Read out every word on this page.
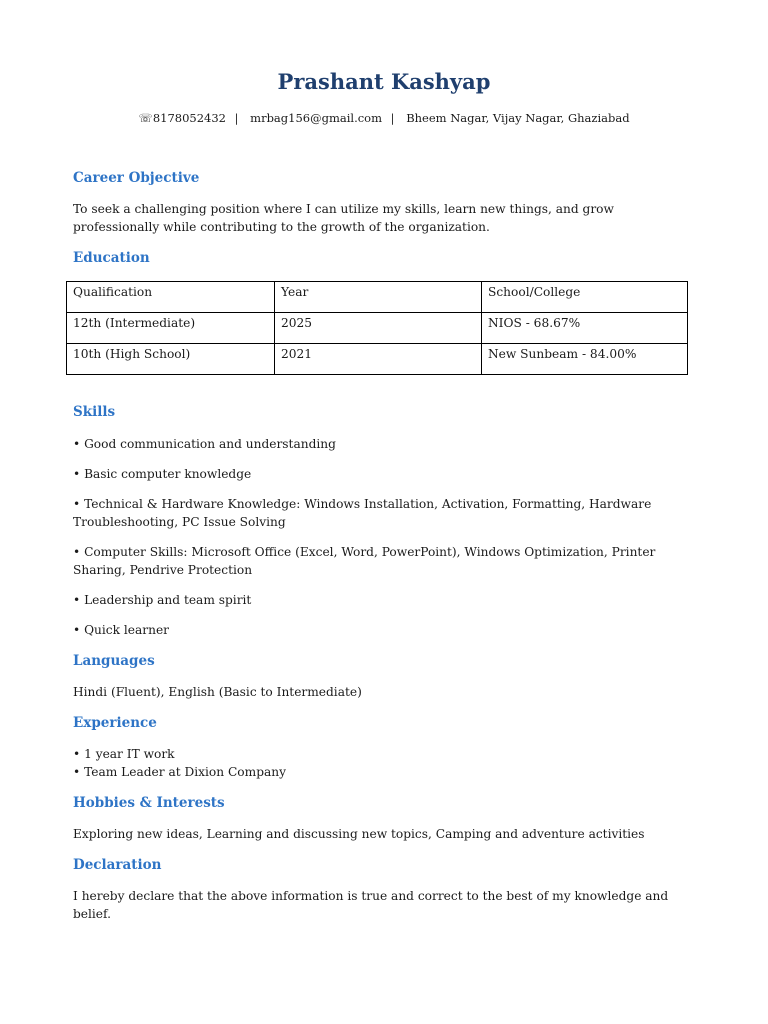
Prashant Kashyap
☏8178052432 | mrbag156@gmail.com | Bheem Nagar, Vijay Nagar, Ghaziabad
Career Objective
To seek a challenging position where I can utilize my skills, learn new things, and grow professionally while contributing to the growth of the organization.
Education
Qualification	Year	School/College
12th (Intermediate)	2025	NIOS - 68.67%
10th (High School)	2021	New Sunbeam - 84.00%
Skills
• Good communication and understanding
• Basic computer knowledge
• Technical & Hardware Knowledge: Windows Installation, Activation, Formatting, Hardware Troubleshooting, PC Issue Solving
• Computer Skills: Microsoft Office (Excel, Word, PowerPoint), Windows Optimization, Printer Sharing, Pendrive Protection
• Leadership and team spirit
• Quick learner
Languages
Hindi (Fluent), English (Basic to Intermediate)
Experience
• 1 year IT work
• Team Leader at Dixion Company
Hobbies & Interests
Exploring new ideas, Learning and discussing new topics, Camping and adventure activities
Declaration
I hereby declare that the above information is true and correct to the best of my knowledge and belief.
